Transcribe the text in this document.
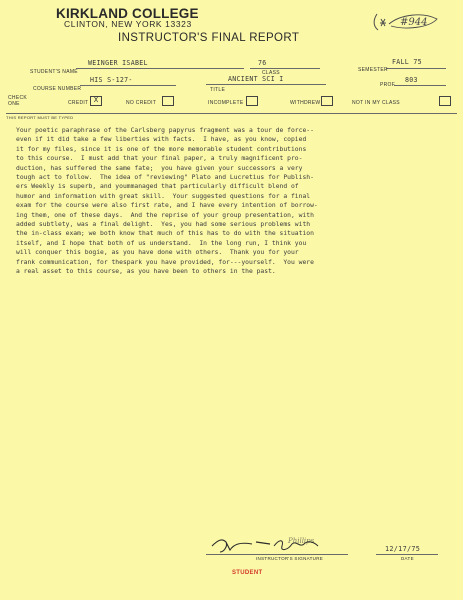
KIRKLAND COLLEGE
CLINTON, NEW YORK 13323	#944
INSTRUCTOR'S FINAL REPORT
WEINGER ISABEL
STUDENT'S NAME
76
CLASS
FALL 75
SEMESTER
HIS S-127-
COURSE NUMBER
ANCIENT SCI I
TITLE
803
PROF
CHECK ONE	CREDIT X	NO CREDIT	INCOMPLETE	WITHDREW	NOT IN MY CLASS
THIS REPORT MUST BE TYPED
Your poetic paraphrase of the Carlsberg papyrus fragment was a tour de force--
even if it did take a few liberties with facts.  I have, as you know, copied
it for my files, since it is one of the more memorable student contributions
to this course.  I must add that your final paper, a truly magnificent pro-
duction, has suffered the same fate;  you have given your successors a very
tough act to follow.  The idea of "reviewing" Plato and Lucretius for Publish-
ers Weekly is superb, and yoummanaged that particularly difficult blend of
humor and information with great skill.  Your suggested questions for a final
exam for the course were also first rate, and I have every intention of borrow-
ing them, one of these days.  And the reprise of your group presentation, with
added subtlety, was a final delight.  Yes, you had some serious problems with
the in-class exam; we both know that much of this has to do with the situation
itself, and I hope that both of us understand.  In the long run, I think you
will conquer this bogie, as you have done with others.  Thank you for your
frank communication, for thespark you have provided, for---yourself.  You were
a real asset to this course, as you have been to others in the past.
Phillips
INSTRUCTOR'S SIGNATURE
12/17/75
DATE
STUDENT
